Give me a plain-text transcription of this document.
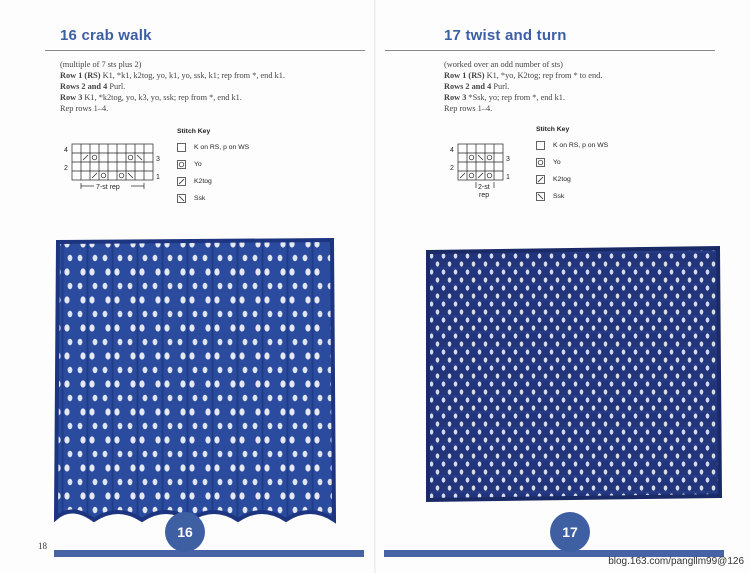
16 crab walk
(multiple of 7 sts plus 2)
Row 1 (RS) K1, *k1, k2tog, yo, k1, yo, ssk, k1; rep from *, end k1.
Rows 2 and 4 Purl.
Row 3 K1, *k2tog, yo, k3, yo, ssk; rep from *, end k1.
Rep rows 1–4.
4
2
3
1
7-st rep
Stitch Key
K on RS, p on WS
Yo
K2tog
Ssk
17 twist and turn
(worked over an odd number of sts)
Row 1 (RS) K1, *yo, K2tog; rep from * to end.
Rows 2 and 4 Purl.
Row 3 *Ssk, yo; rep from *, end k1.
Rep rows 1–4.
4
2
3
1
2-st
rep
Stitch Key
K on RS, p on WS
Yo
K2tog
Ssk
16	17
18
blog.163.com/pangllm99@126
